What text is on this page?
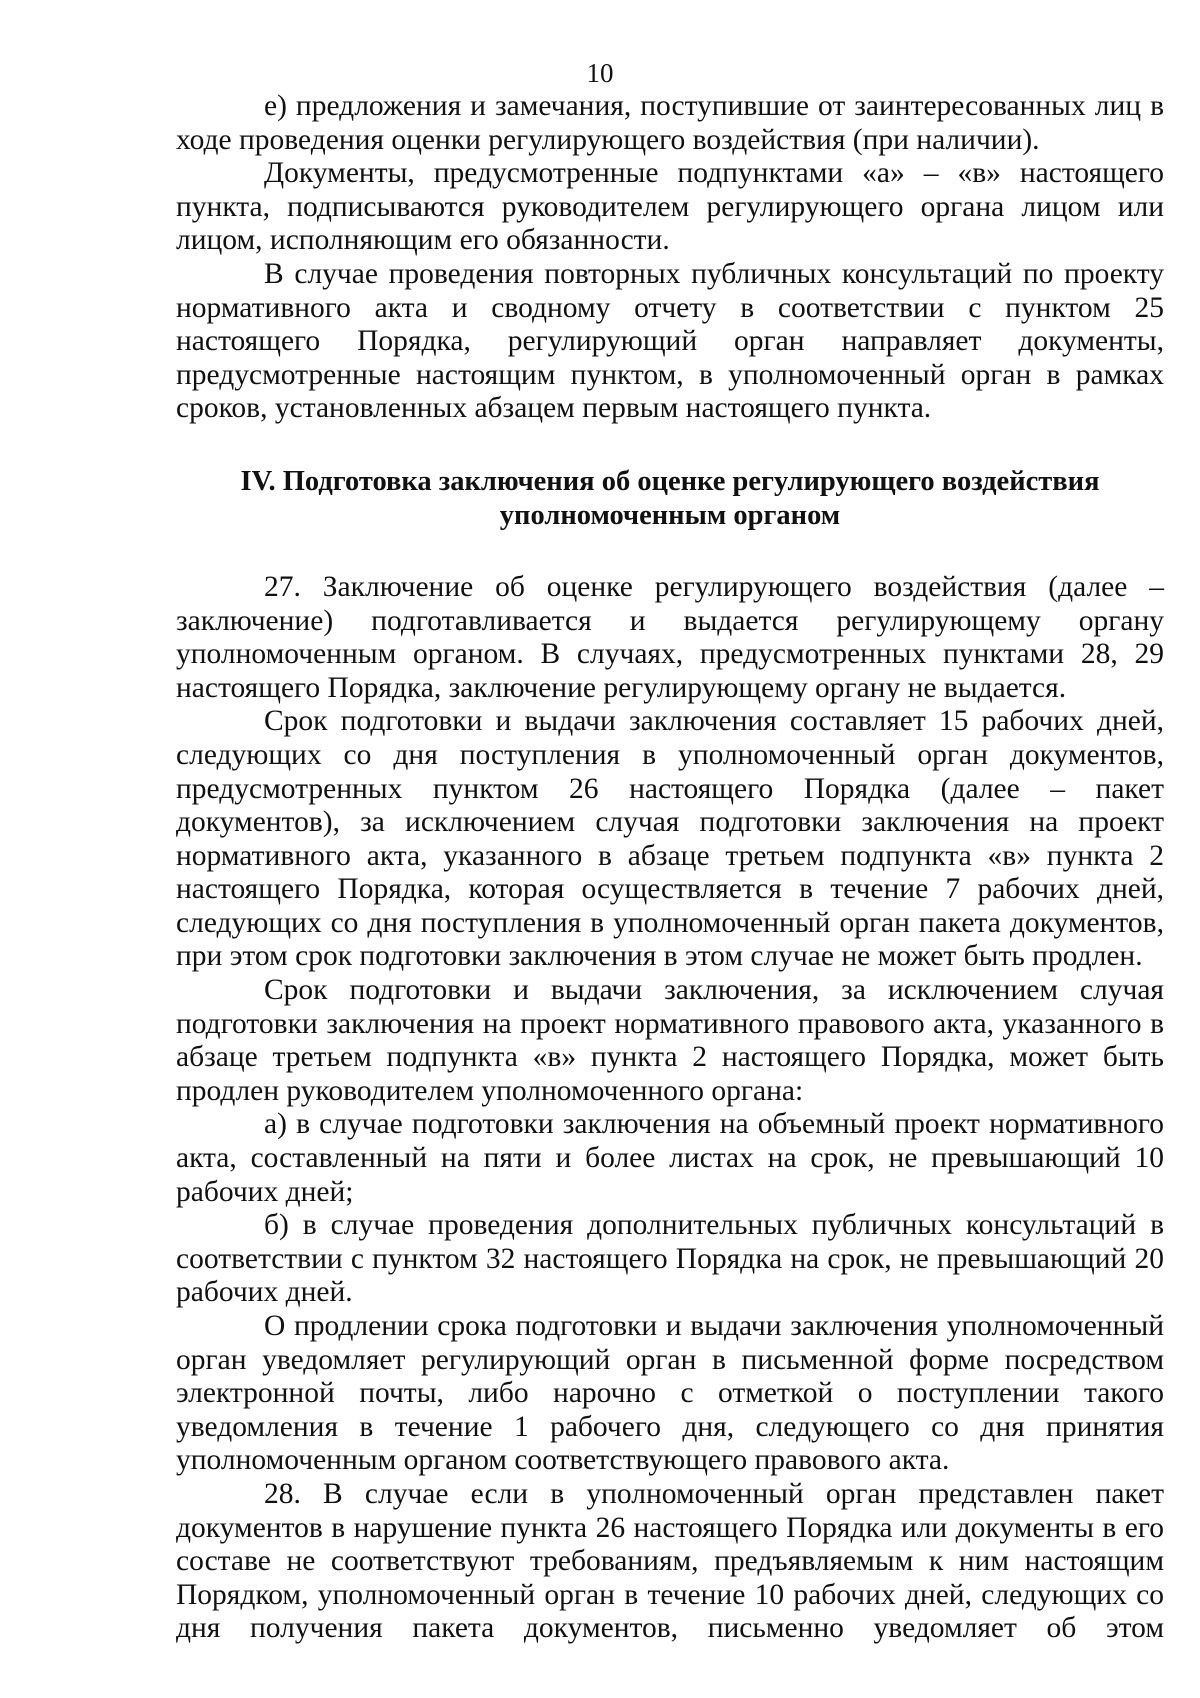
10

е) предложения и замечания, поступившие от заинтересованных лиц в ходе проведения оценки регулирующего воздействия (при наличии).

Документы, предусмотренные подпунктами «а» – «в» настоящего пункта, подписываются руководителем регулирующего органа лицом или лицом, исполняющим его обязанности.

В случае проведения повторных публичных консультаций по проекту нормативного акта и сводному отчету в соответствии с пунктом 25 настоящего Порядка, регулирующий орган направляет документы, предусмотренные настоящим пунктом, в уполномоченный орган в рамках сроков, установленных абзацем первым настоящего пункта.

IV. Подготовка заключения об оценке регулирующего воздействия

уполномоченным органом

27. Заключение об оценке регулирующего воздействия (далее – заключение) подготавливается и выдается регулирующему органу уполномоченным органом. В случаях, предусмотренных пунктами 28, 29 настоящего Порядка, заключение регулирующему органу не выдается.

Срок подготовки и выдачи заключения составляет 15 рабочих дней, следующих со дня поступления в уполномоченный орган документов, предусмотренных пунктом 26 настоящего Порядка (далее – пакет документов), за исключением случая подготовки заключения на проект нормативного акта, указанного в абзаце третьем подпункта «в» пункта 2 настоящего Порядка, которая осуществляется в течение 7 рабочих дней, следующих со дня поступления в уполномоченный орган пакета документов, при этом срок подготовки заключения в этом случае не может быть продлен.

Срок подготовки и выдачи заключения, за исключением случая подготовки заключения на проект нормативного правового акта, указанного в абзаце третьем подпункта «в» пункта 2 настоящего Порядка, может быть продлен руководителем уполномоченного органа:

а) в случае подготовки заключения на объемный проект нормативного акта, составленный на пяти и более листах на срок, не превышающий 10 рабочих дней;

б) в случае проведения дополнительных публичных консультаций в соответствии с пунктом 32 настоящего Порядка на срок, не превышающий 20 рабочих дней.

О продлении срока подготовки и выдачи заключения уполномоченный орган уведомляет регулирующий орган в письменной форме посредством электронной почты, либо нарочно с отметкой о поступлении такого уведомления в течение 1 рабочего дня, следующего со дня принятия уполномоченным органом соответствующего правового акта.

28. В случае если в уполномоченный орган представлен пакет документов в нарушение пункта 26 настоящего Порядка или документы в его составе не соответствуют требованиям, предъявляемым к ним настоящим Порядком, уполномоченный орган в течение 10 рабочих дней, следующих со дня получения пакета документов, письменно уведомляет об этом
